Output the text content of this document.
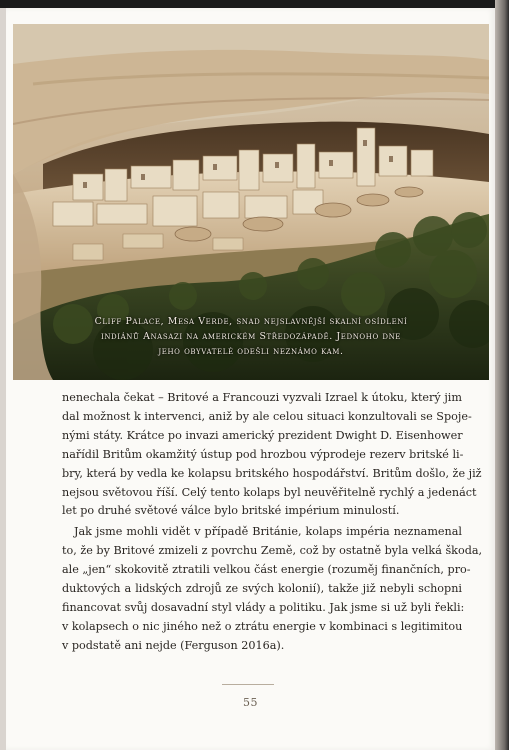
Cliff Palace, Mesa Verde, snad nejslavnější skalní osídlení
indiánů Anasazi na americkém Středozápadě. Jednoho dne
jeho obyvatelé odešli neznámo kam.
nenechala čekat – Britové a Francouzi vyzvali Izrael k útoku, který jim
dal možnost k intervenci, aniž by ale celou situaci konzultovali se Spoje-
nými státy. Krátce po invazi americký prezident Dwight D. Eisenhower
nařídil Britům okamžitý ústup pod hrozbou výprodeje rezerv britské li-
bry, která by vedla ke kolapsu britského hospodářství. Britům došlo, že již
nejsou světovou říší. Celý tento kolaps byl neuvěřitelně rychlý a jedenáct
let po druhé světové válce bylo britské impérium minulostí.
Jak jsme mohli vidět v případě Británie, kolaps impéria neznamenal
to, že by Britové zmizeli z povrchu Země, což by ostatně byla velká škoda,
ale „jen“ skokovitě ztratili velkou část energie (rozuměj finančních, pro-
duktových a lidských zdrojů ze svých kolonií), takže již nebyli schopni
financovat svůj dosavadní styl vlády a politiku. Jak jsme si už byli řekli:
v kolapsech o nic jiného než o ztrátu energie v kombinaci s legitimitou
v podstatě ani nejde (Ferguson 2016a).
55
